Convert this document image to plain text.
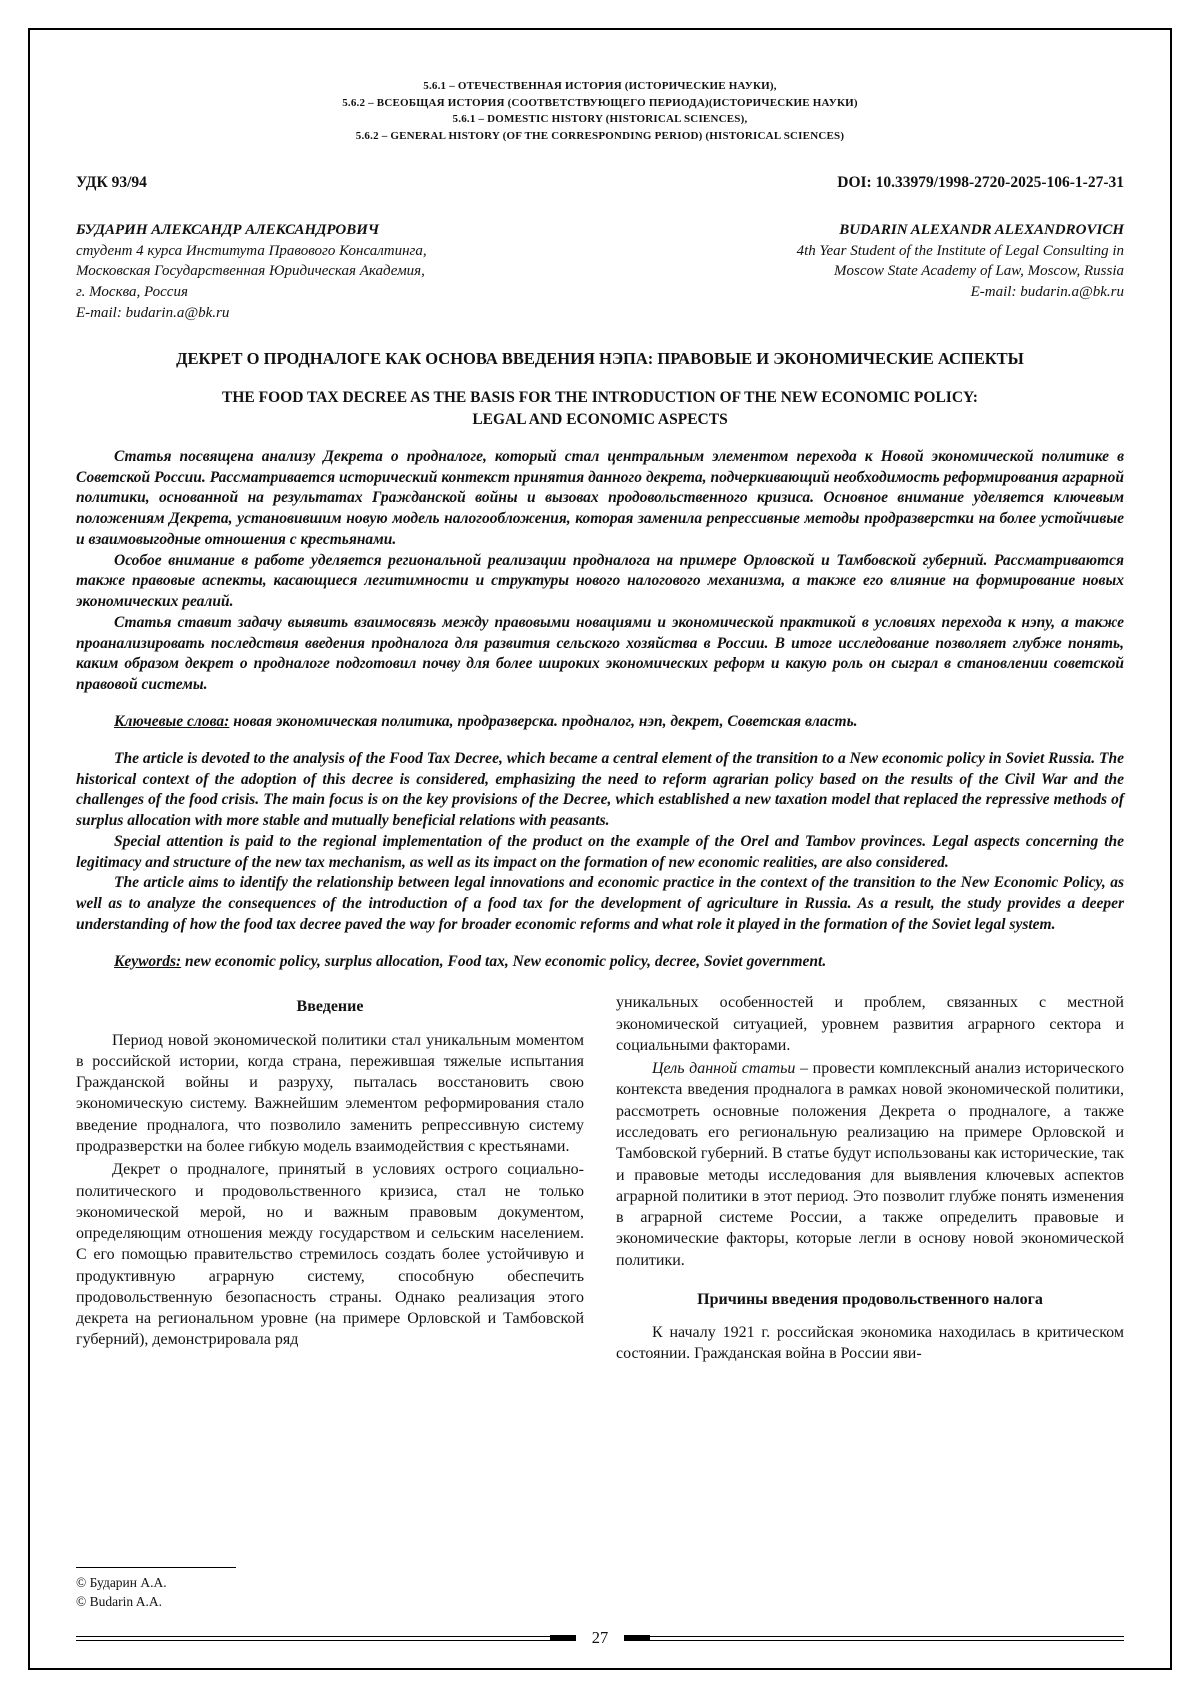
5.6.1 – ОТЕЧЕСТВЕННАЯ ИСТОРИЯ (ИСТОРИЧЕСКИЕ НАУКИ),
5.6.2 – ВСЕОБЩАЯ ИСТОРИЯ (СООТВЕТСТВУЮЩЕГО ПЕРИОДА)(ИСТОРИЧЕСКИЕ НАУКИ)
5.6.1 – DOMESTIC HISTORY (HISTORICAL SCIENCES),
5.6.2 – GENERAL HISTORY (OF THE CORRESPONDING PERIOD) (HISTORICAL SCIENCES)
УДК 93/94	DOI: 10.33979/1998-2720-2025-106-1-27-31
БУДАРИН АЛЕКСАНДР АЛЕКСАНДРОВИЧ
студент 4 курса Института Правового Консалтинга,
Московская Государственная Юридическая Академия,
г. Москва, Россия
E-mail: budarin.a@bk.ru
BUDARIN ALEXANDR ALEXANDROVICH
4th Year Student of the Institute of Legal Consulting in
Moscow State Academy of Law, Moscow, Russia
E-mail: budarin.a@bk.ru
ДЕКРЕТ О ПРОДНАЛОГЕ КАК ОСНОВА ВВЕДЕНИЯ НЭПА: ПРАВОВЫЕ И ЭКОНОМИЧЕСКИЕ АСПЕКТЫ
THE FOOD TAX DECREE AS THE BASIS FOR THE INTRODUCTION OF THE NEW ECONOMIC POLICY:
LEGAL AND ECONOMIC ASPECTS

Статья посвящена анализу Декрета о продналоге, который стал центральным элементом перехода к Новой экономической политике в Советской России. Рассматривается исторический контекст принятия данного декрета, подчеркивающий необходимость реформирования аграрной политики, основанной на результатах Гражданской войны и вызовах продовольственного кризиса. Основное внимание уделяется ключевым положениям Декрета, установившим новую модель налогообложения, которая заменила репрессивные методы продразверстки на более устойчивые и взаимовыгодные отношения с крестьянами.

Особое внимание в работе уделяется региональной реализации продналога на примере Орловской и Тамбовской губерний. Рассматриваются также правовые аспекты, касающиеся легитимности и структуры нового налогового механизма, а также его влияние на формирование новых экономических реалий.

Статья ставит задачу выявить взаимосвязь между правовыми новациями и экономической практикой в условиях перехода к нэпу, а также проанализировать последствия введения продналога для развития сельского хозяйства в России. В итоге исследование позволяет глубже понять, каким образом декрет о продналоге подготовил почву для более широких экономических реформ и какую роль он сыграл в становлении советской правовой системы.

Ключевые слова: новая экономическая политика, продразверска. продналог, нэп, декрет, Советская власть.

The article is devoted to the analysis of the Food Tax Decree, which became a central element of the transition to a New economic policy in Soviet Russia. The historical context of the adoption of this decree is considered, emphasizing the need to reform agrarian policy based on the results of the Civil War and the challenges of the food crisis. The main focus is on the key provisions of the Decree, which established a new taxation model that replaced the repressive methods of surplus allocation with more stable and mutually beneficial relations with peasants.

Special attention is paid to the regional implementation of the product on the example of the Orel and Tambov provinces. Legal aspects concerning the legitimacy and structure of the new tax mechanism, as well as its impact on the formation of new economic realities, are also considered.

The article aims to identify the relationship between legal innovations and economic practice in the context of the transition to the New Economic Policy, as well as to analyze the consequences of the introduction of a food tax for the development of agriculture in Russia. As a result, the study provides a deeper understanding of how the food tax decree paved the way for broader economic reforms and what role it played in the formation of the Soviet legal system.

Keywords: new economic policy, surplus allocation, Food tax, New economic policy, decree, Soviet government.

Введение

Период новой экономической политики стал уникальным моментом в российской истории, когда страна, пережившая тяжелые испытания Гражданской войны и разруху, пыталась восстановить свою экономическую систему. Важнейшим элементом реформирования стало введение продналога, что позволило заменить репрессивную систему продразверстки на более гибкую модель взаимодействия с крестьянами.

Декрет о продналоге, принятый в условиях острого социально-политического и продовольственного кризиса, стал не только экономической мерой, но и важным правовым документом, определяющим отношения между государством и сельским населением. С его помощью правительство стремилось создать более устойчивую и продуктивную аграрную систему, способную обеспечить продовольственную безопасность страны. Однако реализация этого декрета на региональном уровне (на примере Орловской и Тамбовской губерний), демонстрировала ряд

уникальных особенностей и проблем, связанных с местной экономической ситуацией, уровнем развития аграрного сектора и социальными факторами.

Цель данной статьи – провести комплексный анализ исторического контекста введения продналога в рамках новой экономической политики, рассмотреть основные положения Декрета о продналоге, а также исследовать его региональную реализацию на примере Орловской и Тамбовской губерний. В статье будут использованы как исторические, так и правовые методы исследования для выявления ключевых аспектов аграрной политики в этот период. Это позволит глубже понять изменения в аграрной системе России, а также определить правовые и экономические факторы, которые легли в основу новой экономической политики.

Причины введения продовольственного налога

К началу 1921 г. российская экономика находилась в критическом состоянии. Гражданская война в России яви-

© Бударин А.А.
© Budarin A.A.
27
